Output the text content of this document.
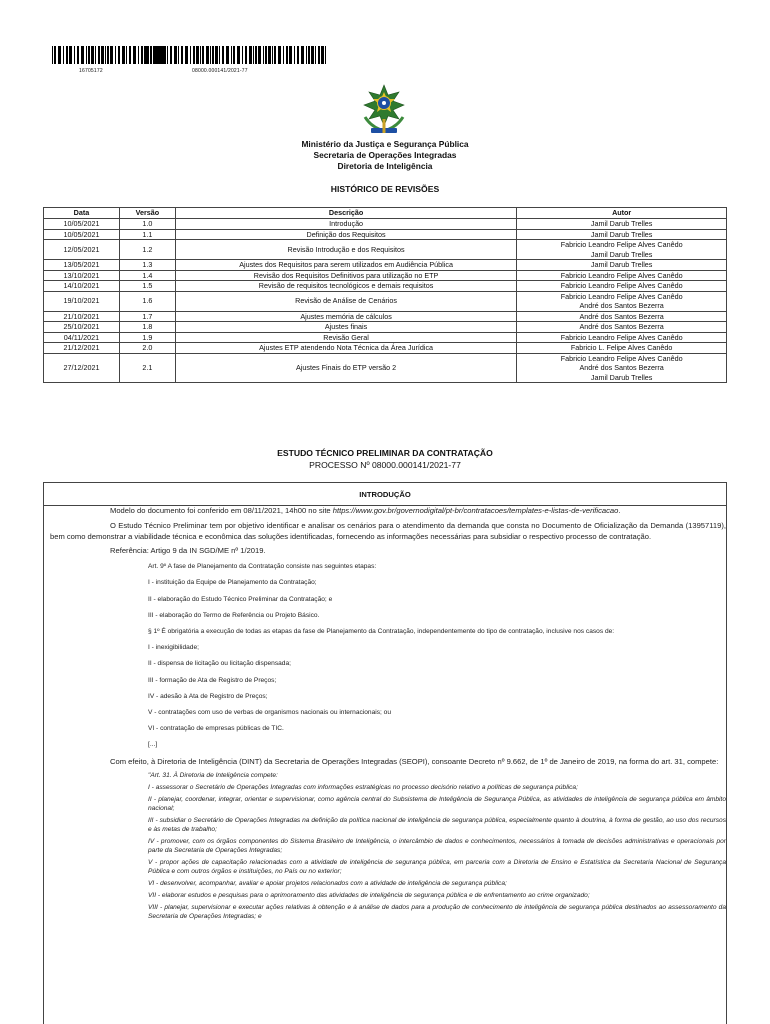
16705172	08000.000141/2021-77
Ministério da Justiça e Segurança Pública
Secretaria de Operações Integradas
Diretoria de Inteligência
HISTÓRICO DE REVISÕES
Data	Versão	Descrição	Autor
10/05/2021	1.0	Introdução	Jamil Darub Trelles

10/05/2021	1.1	Definição dos Requisitos	Jamil Darub Trelles

12/05/2021	1.2	Revisão Introdução e dos Requisitos	Fabricio Leandro Felipe Alves Canêdo
Jamil Darub Trelles

13/05/2021	1.3	Ajustes dos Requisitos para serem utilizados em Audiência Pública	Jamil Darub Trelles

13/10/2021	1.4	Revisão dos Requisitos Definitivos para utilização no ETP	Fabricio Leandro Felipe Alves Canêdo

14/10/2021	1.5	Revisão de requisitos tecnológicos e demais requisitos	Fabricio Leandro Felipe Alves Canêdo

19/10/2021	1.6	Revisão de Análise de Cenários	Fabricio Leandro Felipe Alves Canêdo
André dos Santos Bezerra

21/10/2021	1.7	Ajustes memória de cálculos	André dos Santos Bezerra

25/10/2021	1.8	Ajustes finais	André dos Santos Bezerra

04/11/2021	1.9	Revisão Geral	Fabricio Leandro Felipe Alves Canêdo

21/12/2021	2.0	Ajustes ETP atendendo Nota Técnica da Área Jurídica	Fabricio L. Felipe Alves Canêdo

27/12/2021	2.1	Ajustes Finais do ETP versão 2	Fabricio Leandro Felipe Alves Canêdo
André dos Santos Bezerra
Jamil Darub Trelles
ESTUDO TÉCNICO PRELIMINAR DA CONTRATAÇÃO
PROCESSO Nº 08000.000141/2021-77
INTRODUÇÃO
Modelo do documento foi conferido em 08/11/2021, 14h00 no site https://www.gov.br/governodigital/pt-br/contratacoes/templates-e-listas-de-verificacao.
O Estudo Técnico Preliminar tem por objetivo identificar e analisar os cenários para o atendimento da demanda que consta no Documento de Oficialização da Demanda (13957119), bem como demonstrar a viabilidade técnica e econômica das soluções identificadas, fornecendo as informações necessárias para subsidiar o respectivo processo de contratação.
Referência: Artigo 9 da IN SGD/ME nº 1/2019.
Art. 9º A fase de Planejamento da Contratação consiste nas seguintes etapas:
I - instituição da Equipe de Planejamento da Contratação;
II - elaboração do Estudo Técnico Preliminar da Contratação; e
III - elaboração do Termo de Referência ou Projeto Básico.
§ 1º É obrigatória a execução de todas as etapas da fase de Planejamento da Contratação, independentemente do tipo de contratação, inclusive nos casos de:
I - inexigibilidade;
II - dispensa de licitação ou licitação dispensada;
III - formação de Ata de Registro de Preços;
IV - adesão à Ata de Registro de Preços;
V - contratações com uso de verbas de organismos nacionais ou internacionais; ou
VI - contratação de empresas públicas de TIC.
[...]
Com efeito, à Diretoria de Inteligência (DINT) da Secretaria de Operações Integradas (SEOPI), consoante Decreto nº 9.662, de 1º de Janeiro de 2019, na forma do art. 31, compete:
"Art. 31. À Diretoria de Inteligência compete:
I - assessorar o Secretário de Operações Integradas com informações estratégicas no processo decisório relativo a políticas de segurança pública;
II - planejar, coordenar, integrar, orientar e supervisionar, como agência central do Subsistema de Inteligência de Segurança Pública, as atividades de inteligência de segurança pública em âmbito nacional;
III - subsidiar o Secretário de Operações Integradas na definição da política nacional de inteligência de segurança pública, especialmente quanto à doutrina, à forma de gestão, ao uso dos recursos e às metas de trabalho;
IV - promover, com os órgãos componentes do Sistema Brasileiro de Inteligência, o intercâmbio de dados e conhecimentos, necessários à tomada de decisões administrativas e operacionais por parte da Secretaria de Operações Integradas;
V - propor ações de capacitação relacionadas com a atividade de inteligência de segurança pública, em parceria com a Diretoria de Ensino e Estatística da Secretaria Nacional de Segurança Pública e com outros órgãos e instituições, no País ou no exterior;
VI - desenvolver, acompanhar, avaliar e apoiar projetos relacionados com a atividade de inteligência de segurança pública;
VII - elaborar estudos e pesquisas para o aprimoramento das atividades de inteligência de segurança pública e de enfrentamento ao crime organizado;
VIII - planejar, supervisionar e executar ações relativas à obtenção e à análise de dados para a produção de conhecimento de inteligência de segurança pública destinados ao assessoramento da Secretaria de Operações Integradas; e
